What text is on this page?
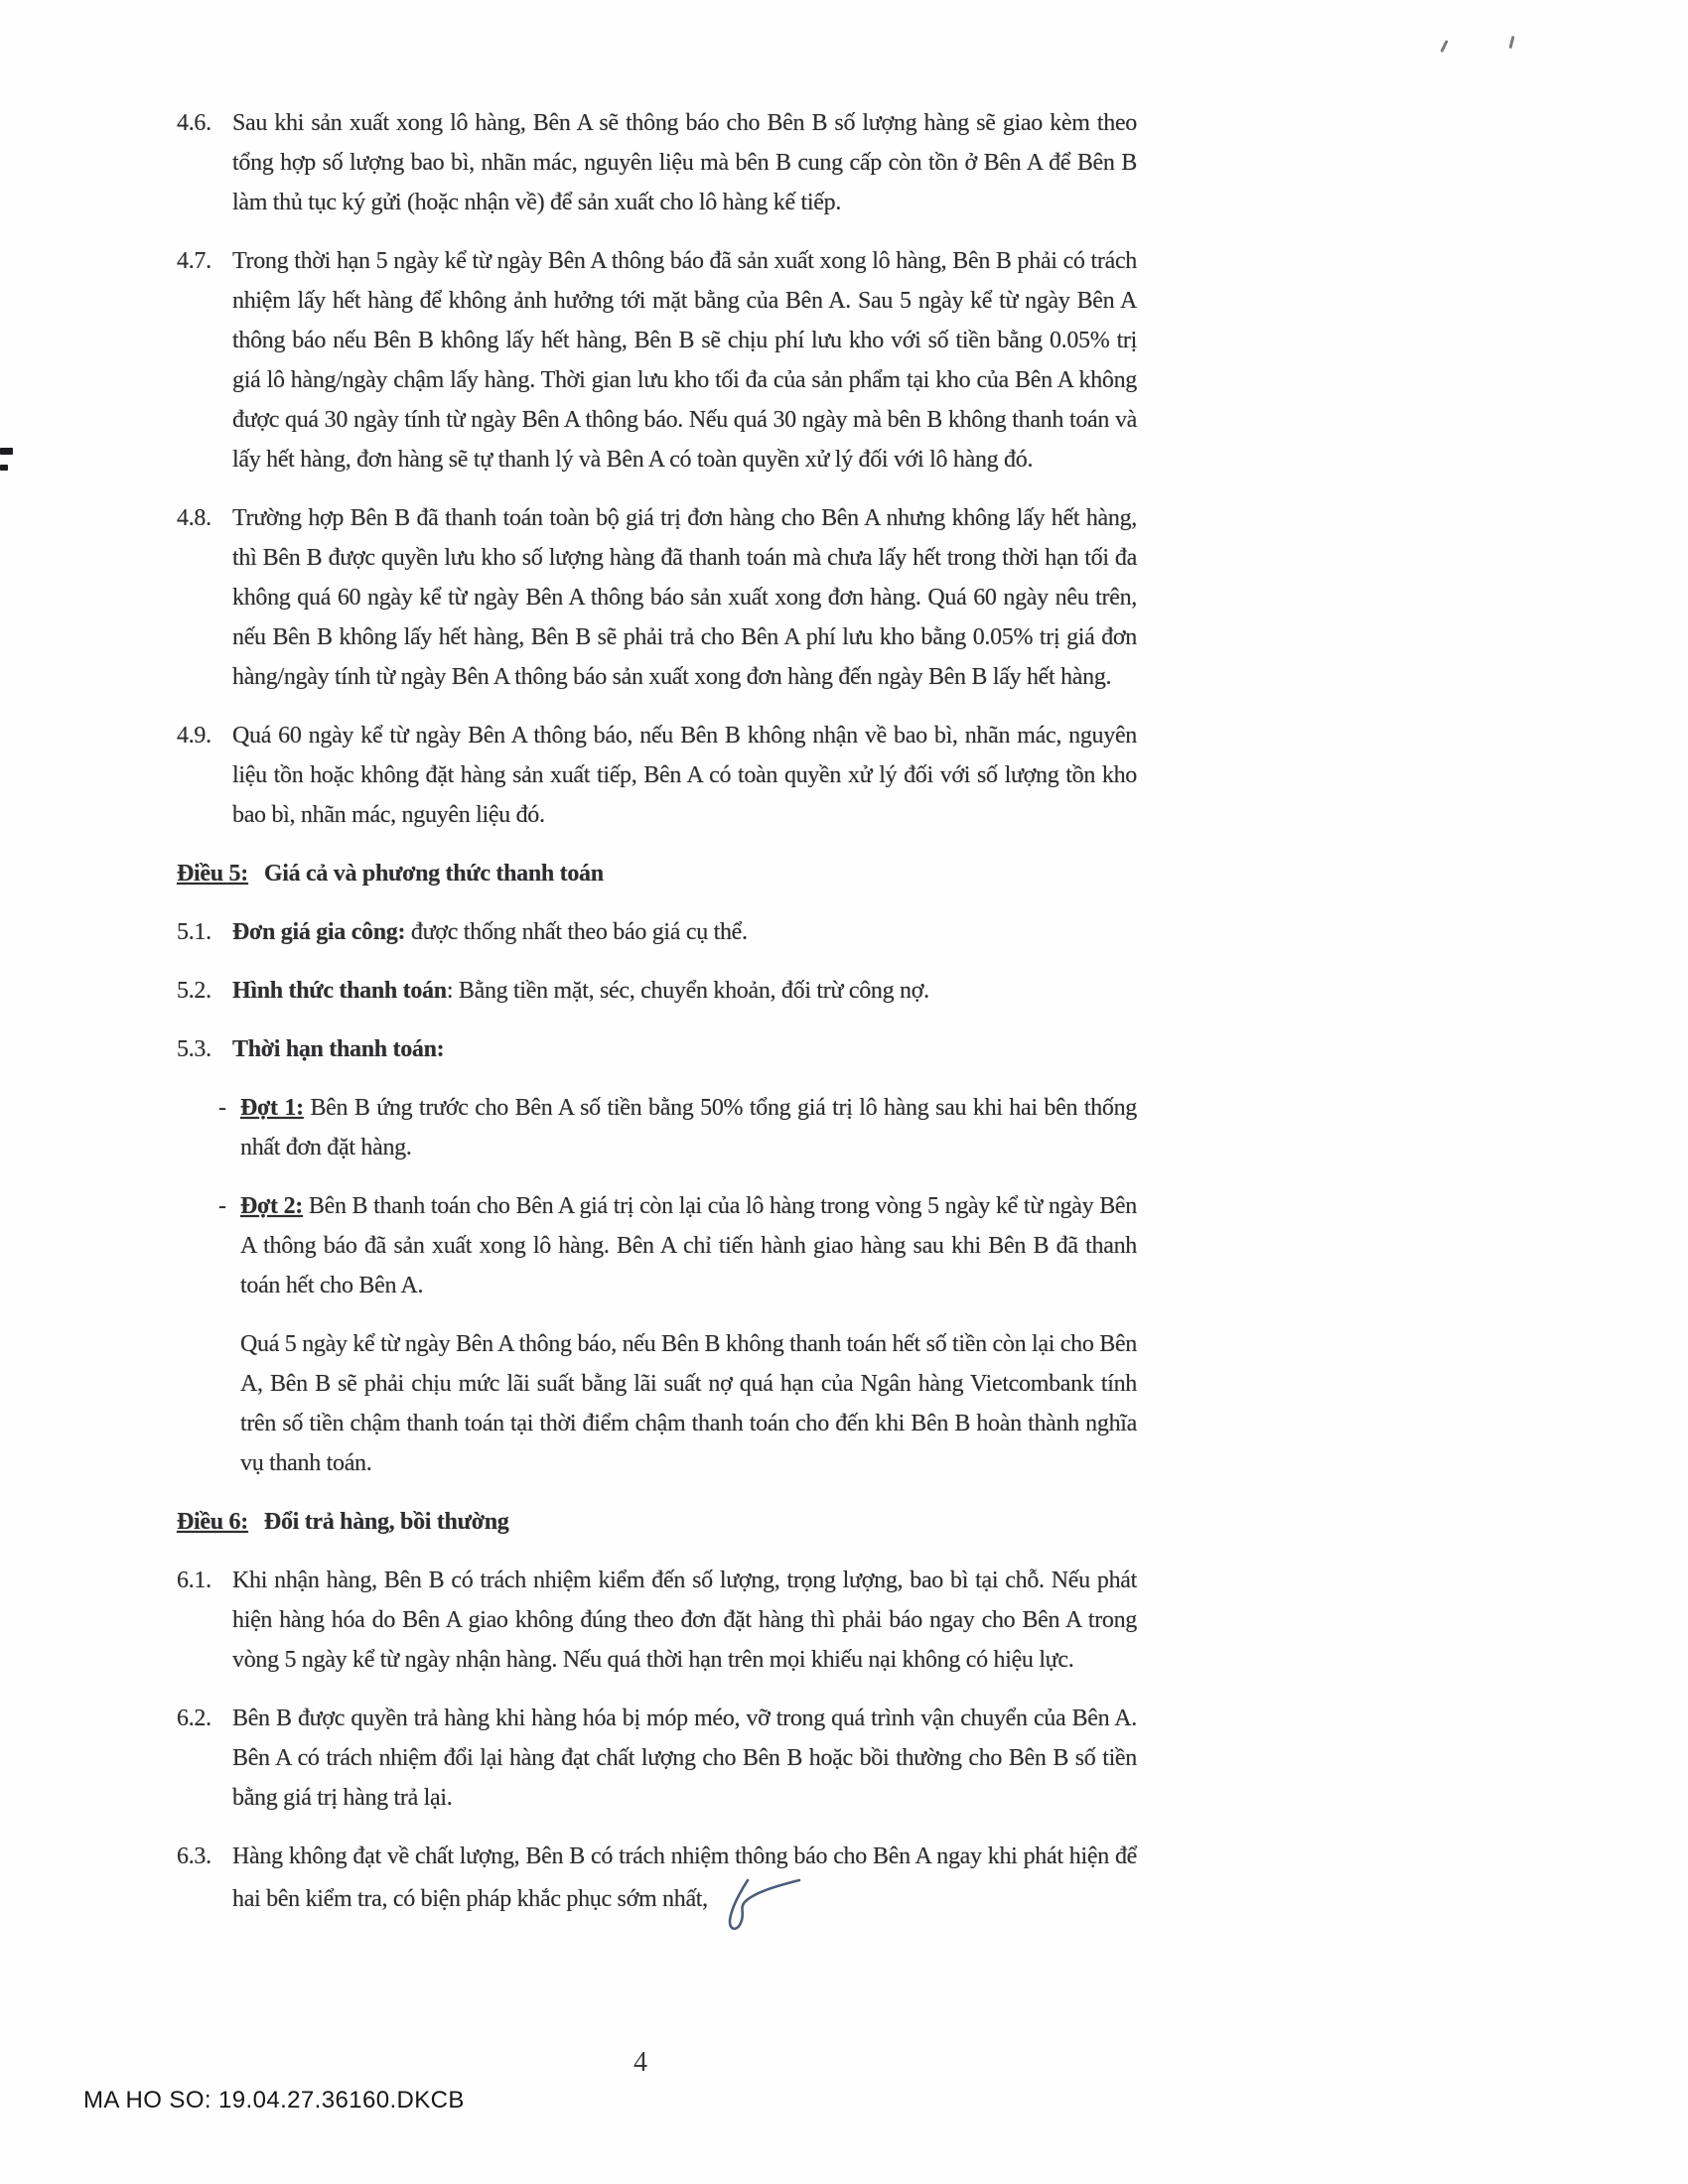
4.6. Sau khi sản xuất xong lô hàng, Bên A sẽ thông báo cho Bên B số lượng hàng sẽ giao kèm theo tổng hợp số lượng bao bì, nhãn mác, nguyên liệu mà bên B cung cấp còn tồn ở Bên A để Bên B làm thủ tục ký gửi (hoặc nhận về) để sản xuất cho lô hàng kế tiếp.
4.7. Trong thời hạn 5 ngày kể từ ngày Bên A thông báo đã sản xuất xong lô hàng, Bên B phải có trách nhiệm lấy hết hàng để không ảnh hưởng tới mặt bằng của Bên A. Sau 5 ngày kể từ ngày Bên A thông báo nếu Bên B không lấy hết hàng, Bên B sẽ chịu phí lưu kho với số tiền bằng 0.05% trị giá lô hàng/ngày chậm lấy hàng. Thời gian lưu kho tối đa của sản phẩm tại kho của Bên A không được quá 30 ngày tính từ ngày Bên A thông báo. Nếu quá 30 ngày mà bên B không thanh toán và lấy hết hàng, đơn hàng sẽ tự thanh lý và Bên A có toàn quyền xử lý đối với lô hàng đó.
4.8. Trường hợp Bên B đã thanh toán toàn bộ giá trị đơn hàng cho Bên A nhưng không lấy hết hàng, thì Bên B được quyền lưu kho số lượng hàng đã thanh toán mà chưa lấy hết trong thời hạn tối đa không quá 60 ngày kể từ ngày Bên A thông báo sản xuất xong đơn hàng. Quá 60 ngày nêu trên, nếu Bên B không lấy hết hàng, Bên B sẽ phải trả cho Bên A phí lưu kho bằng 0.05% trị giá đơn hàng/ngày tính từ ngày Bên A thông báo sản xuất xong đơn hàng đến ngày Bên B lấy hết hàng.
4.9. Quá 60 ngày kể từ ngày Bên A thông báo, nếu Bên B không nhận về bao bì, nhãn mác, nguyên liệu tồn hoặc không đặt hàng sản xuất tiếp, Bên A có toàn quyền xử lý đối với số lượng tồn kho bao bì, nhãn mác, nguyên liệu đó.
Điều 5: Giá cả và phương thức thanh toán
5.1. Đơn giá gia công: được thống nhất theo báo giá cụ thể.
5.2. Hình thức thanh toán: Bằng tiền mặt, séc, chuyển khoản, đối trừ công nợ.
5.3. Thời hạn thanh toán:
- Đợt 1: Bên B ứng trước cho Bên A số tiền bằng 50% tổng giá trị lô hàng sau khi hai bên thống nhất đơn đặt hàng.
- Đợt 2: Bên B thanh toán cho Bên A giá trị còn lại của lô hàng trong vòng 5 ngày kể từ ngày Bên A thông báo đã sản xuất xong lô hàng. Bên A chỉ tiến hành giao hàng sau khi Bên B đã thanh toán hết cho Bên A.
Quá 5 ngày kể từ ngày Bên A thông báo, nếu Bên B không thanh toán hết số tiền còn lại cho Bên A, Bên B sẽ phải chịu mức lãi suất bằng lãi suất nợ quá hạn của Ngân hàng Vietcombank tính trên số tiền chậm thanh toán tại thời điểm chậm thanh toán cho đến khi Bên B hoàn thành nghĩa vụ thanh toán.
Điều 6: Đổi trả hàng, bồi thường
6.1. Khi nhận hàng, Bên B có trách nhiệm kiểm đến số lượng, trọng lượng, bao bì tại chỗ. Nếu phát hiện hàng hóa do Bên A giao không đúng theo đơn đặt hàng thì phải báo ngay cho Bên A trong vòng 5 ngày kể từ ngày nhận hàng. Nếu quá thời hạn trên mọi khiếu nại không có hiệu lực.
6.2. Bên B được quyền trả hàng khi hàng hóa bị móp méo, vỡ trong quá trình vận chuyển của Bên A. Bên A có trách nhiệm đổi lại hàng đạt chất lượng cho Bên B hoặc bồi thường cho Bên B số tiền bằng giá trị hàng trả lại.
6.3. Hàng không đạt về chất lượng, Bên B có trách nhiệm thông báo cho Bên A ngay khi phát hiện để hai bên kiểm tra, có biện pháp khắc phục sớm nhất,
4
MA HO SO: 19.04.27.36160.DKCB
